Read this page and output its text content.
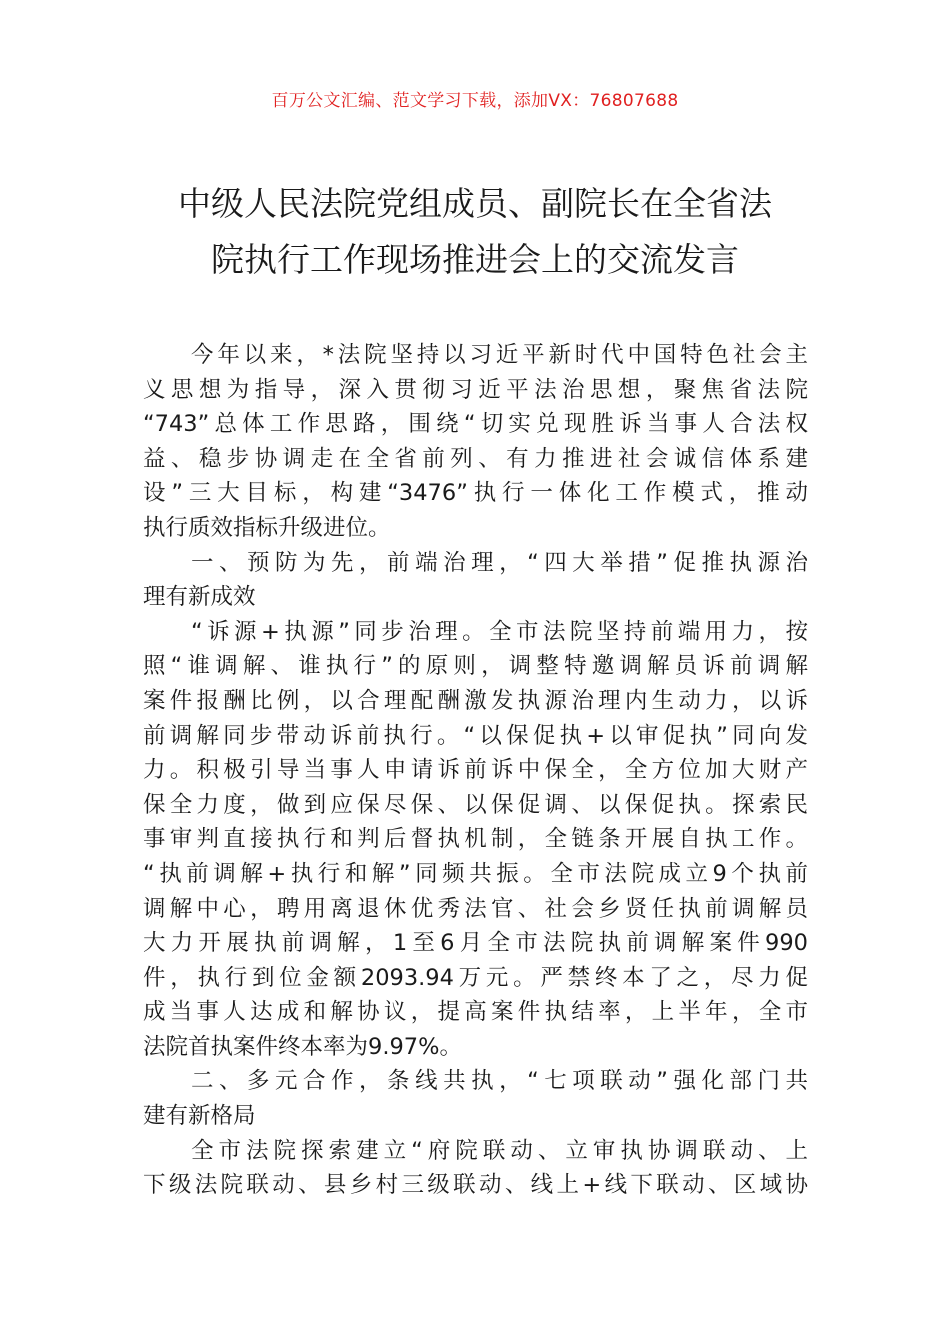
百万公文汇编、范文学习下载，添加VX：76807688
中级人民法院党组成员、副院长在全省法
院执行工作现场推进会上的交流发言
今年以来，*法院坚持以习近平新时代中国特色社会主
义思想为指导，深入贯彻习近平法治思想，聚焦省法院
“743”总体工作思路，围绕“切实兑现胜诉当事人合法权
益、稳步协调走在全省前列、有力推进社会诚信体系建
设”三大目标，构建“3476”执行一体化工作模式，推动
执行质效指标升级进位。
一、预防为先，前端治理，“四大举措”促推执源治
理有新成效
“诉源+执源”同步治理。全市法院坚持前端用力，按
照“谁调解、谁执行”的原则，调整特邀调解员诉前调解
案件报酬比例，以合理配酬激发执源治理内生动力，以诉
前调解同步带动诉前执行。“以保促执+以审促执”同向发
力。积极引导当事人申请诉前诉中保全，全方位加大财产
保全力度，做到应保尽保、以保促调、以保促执。探索民
事审判直接执行和判后督执机制，全链条开展自执工作。
“执前调解+执行和解”同频共振。全市法院成立9个执前
调解中心，聘用离退休优秀法官、社会乡贤任执前调解员
大力开展执前调解，1至6月全市法院执前调解案件990
件，执行到位金额2093.94万元。严禁终本了之，尽力促
成当事人达成和解协议，提高案件执结率，上半年，全市
法院首执案件终本率为9.97%。
二、多元合作，条线共执，“七项联动”强化部门共
建有新格局
全市法院探索建立“府院联动、立审执协调联动、上
下级法院联动、县乡村三级联动、线上+线下联动、区域协
